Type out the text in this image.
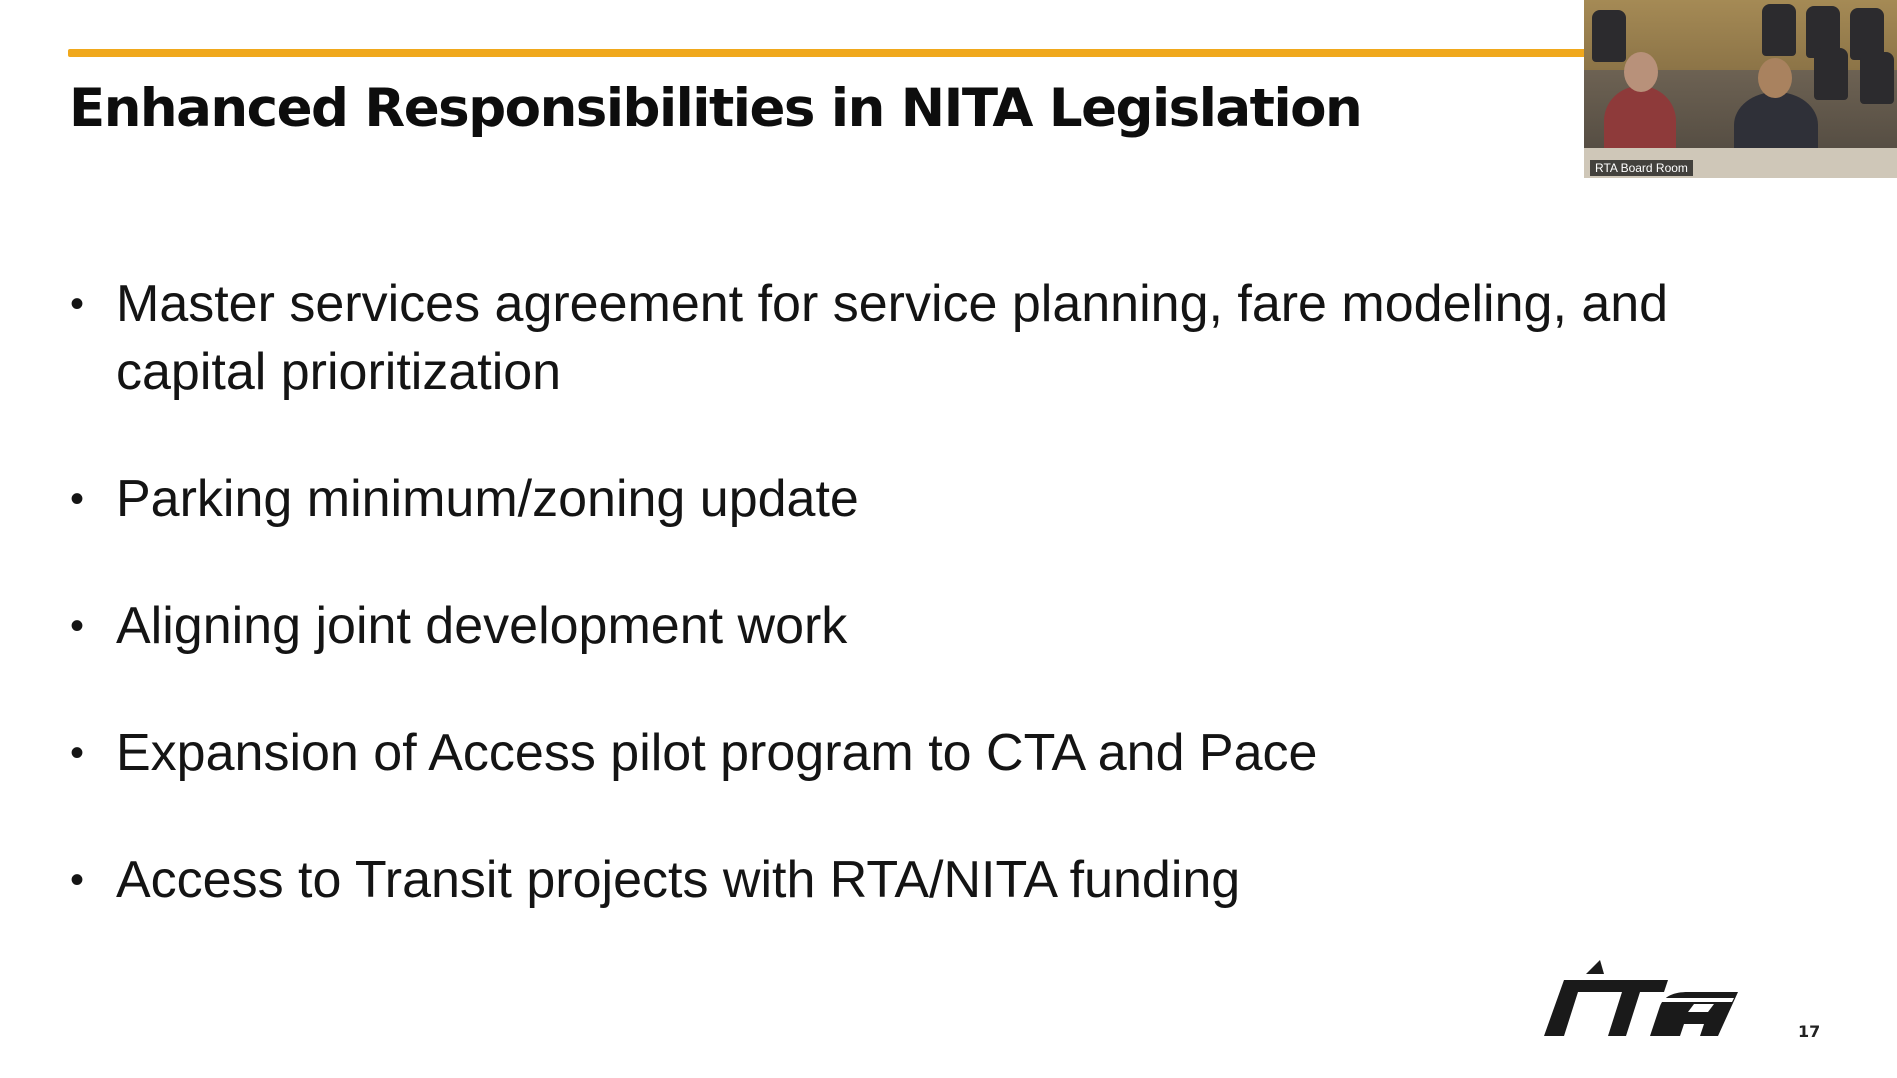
Enhanced Responsibilities in NITA Legislation
• Master services agreement for service planning, fare modeling, and
capital prioritization
• Parking minimum/zoning update
• Aligning joint development work
• Expansion of Access pilot program to CTA and Pace
• Access to Transit projects with RTA/NITA funding
17
RTA Board Room
